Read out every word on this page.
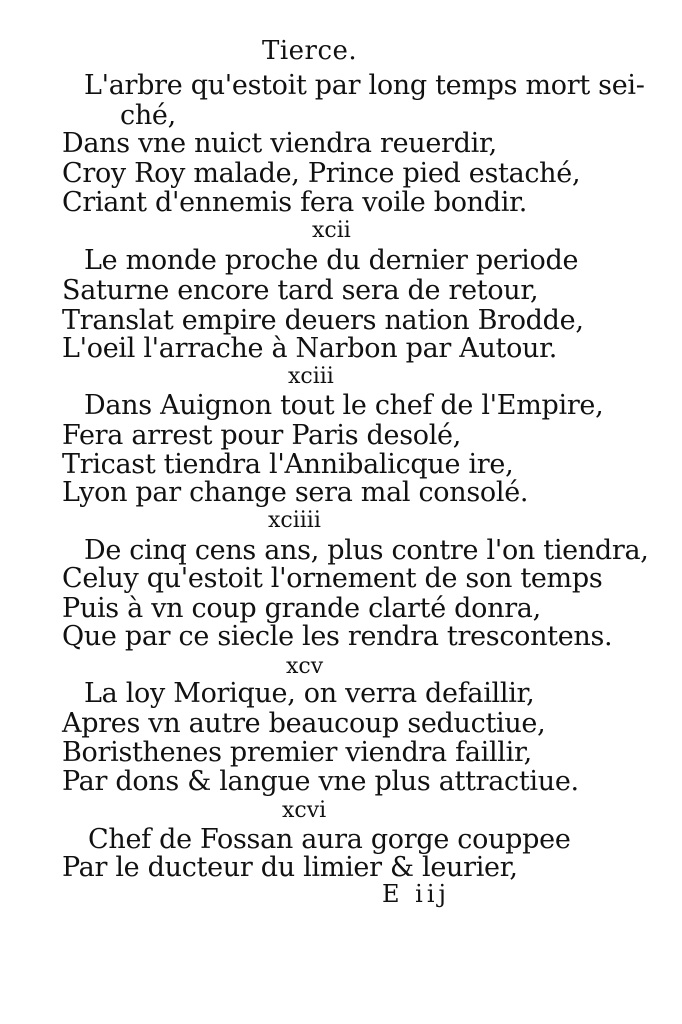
Tierce.
L'arbre qu'estoit par long temps mort sei-
ché,
Dans vne nuict viendra reuerdir,
Croy Roy malade, Prince pied estaché,
Criant d'ennemis fera voile bondir.
xcii
Le monde proche du dernier periode
Saturne encore tard sera de retour,
Translat empire deuers nation Brodde,
L'oeil l'arrache à Narbon par Autour.
xciii
Dans Auignon tout le chef de l'Empire,
Fera arrest pour Paris desolé,
Tricast tiendra l'Annibalicque ire,
Lyon par change sera mal consolé.
xciiii
De cinq cens ans, plus contre l'on tiendra,
Celuy qu'estoit l'ornement de son temps
Puis à vn coup grande clarté donra,
Que par ce siecle les rendra trescontens.
xcv
La loy Morique, on verra defaillir,
Apres vn autre beaucoup seductiue,
Boristhenes premier viendra faillir,
Par dons & langue vne plus attractiue.
xcvi
Chef de Fossan aura gorge couppee
Par le ducteur du limier & leurier,
E iij
